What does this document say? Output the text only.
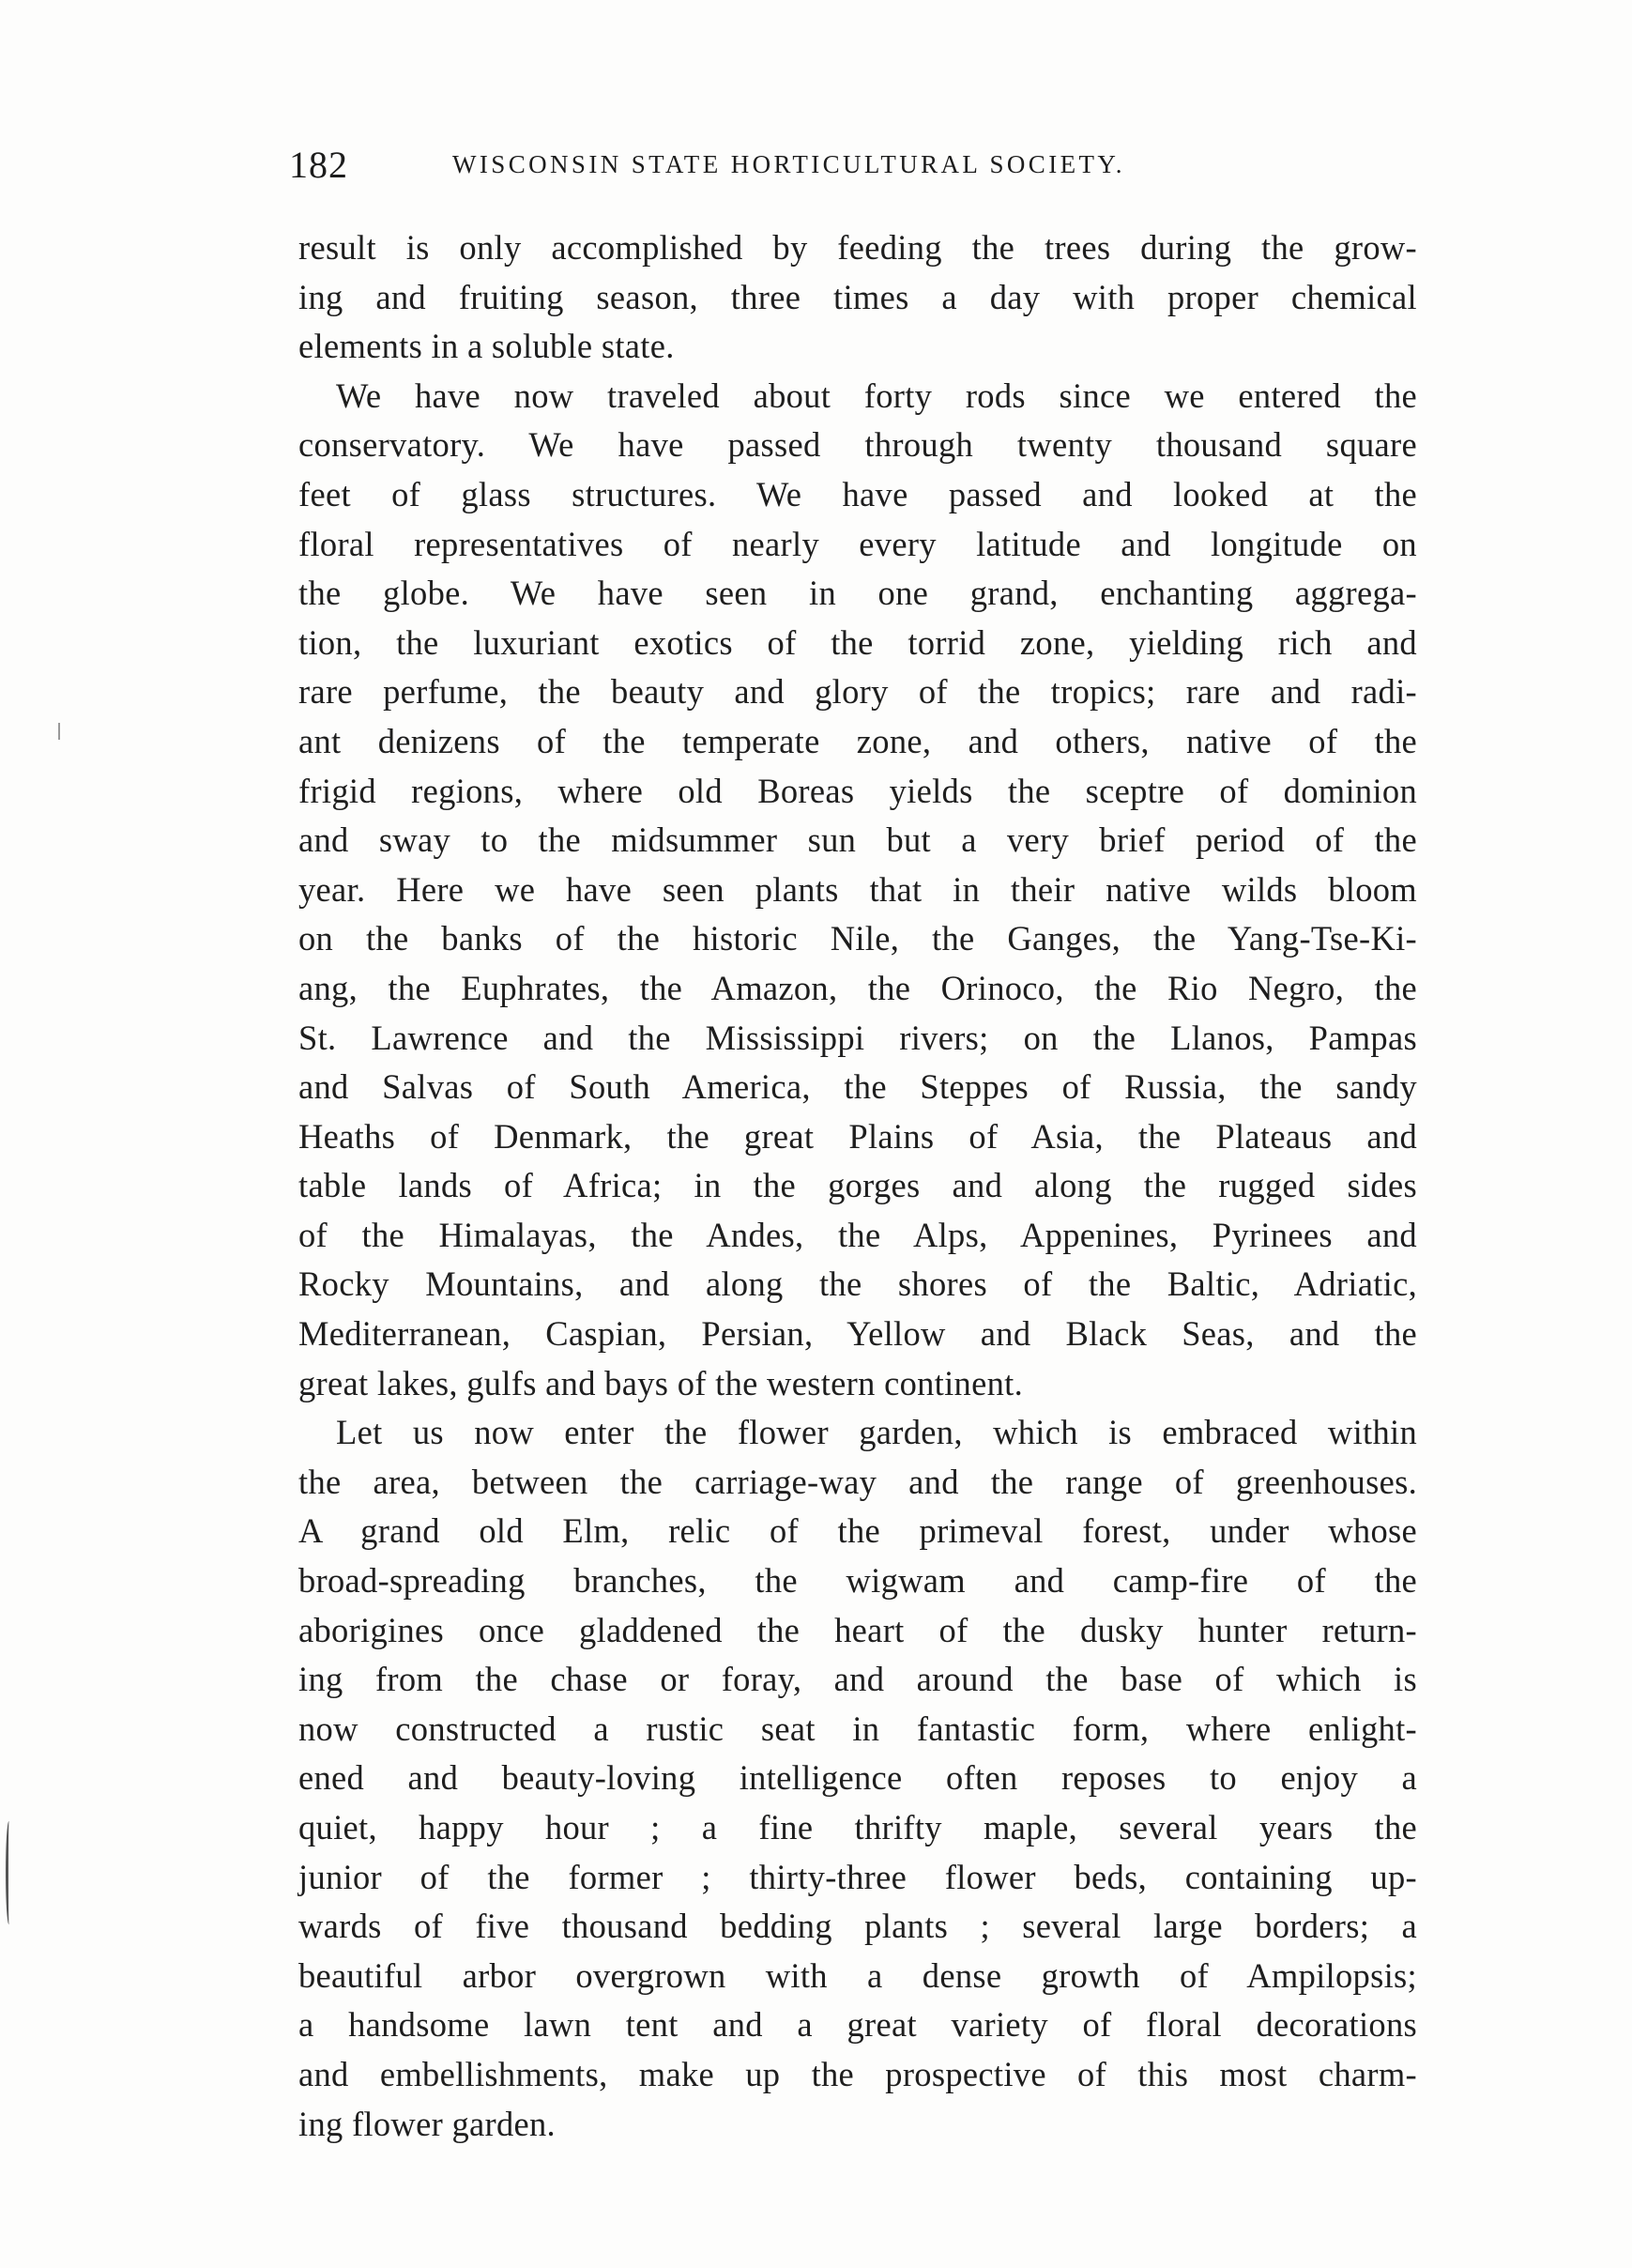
182	WISCONSIN STATE HORTICULTURAL SOCIETY.
result is only accomplished by feeding the trees during the grow-
ing and fruiting season, three times a day with proper chemical
elements in a soluble state.
We have now traveled about forty rods since we entered the
conservatory. We have passed through twenty thousand square
feet of glass structures. We have passed and looked at the
floral representatives of nearly every latitude and longitude on
the globe. We have seen in one grand, enchanting aggrega-
tion, the luxuriant exotics of the torrid zone, yielding rich and
rare perfume, the beauty and glory of the tropics; rare and radi-
ant denizens of the temperate zone, and others, native of the
frigid regions, where old Boreas yields the sceptre of dominion
and sway to the midsummer sun but a very brief period of the
year. Here we have seen plants that in their native wilds bloom
on the banks of the historic Nile, the Ganges, the Yang-Tse-Ki-
ang, the Euphrates, the Amazon, the Orinoco, the Rio Negro, the
St. Lawrence and the Mississippi rivers; on the Llanos, Pampas
and Salvas of South America, the Steppes of Russia, the sandy
Heaths of Denmark, the great Plains of Asia, the Plateaus and
table lands of Africa; in the gorges and along the rugged sides
of the Himalayas, the Andes, the Alps, Appenines, Pyrinees and
Rocky Mountains, and along the shores of the Baltic, Adriatic,
Mediterranean, Caspian, Persian, Yellow and Black Seas, and the
great lakes, gulfs and bays of the western continent.
Let us now enter the flower garden, which is embraced within
the area, between the carriage-way and the range of greenhouses.
A grand old Elm, relic of the primeval forest, under whose
broad-spreading branches, the wigwam and camp-fire of the
aborigines once gladdened the heart of the dusky hunter return-
ing from the chase or foray, and around the base of which is
now constructed a rustic seat in fantastic form, where enlight-
ened and beauty-loving intelligence often reposes to enjoy a
quiet, happy hour ; a fine thrifty maple, several years the
junior of the former ; thirty-three flower beds, containing up-
wards of five thousand bedding plants ; several large borders; a
beautiful arbor overgrown with a dense growth of Ampilopsis;
a handsome lawn tent and a great variety of floral decorations
and embellishments, make up the prospective of this most charm-
ing flower garden.
